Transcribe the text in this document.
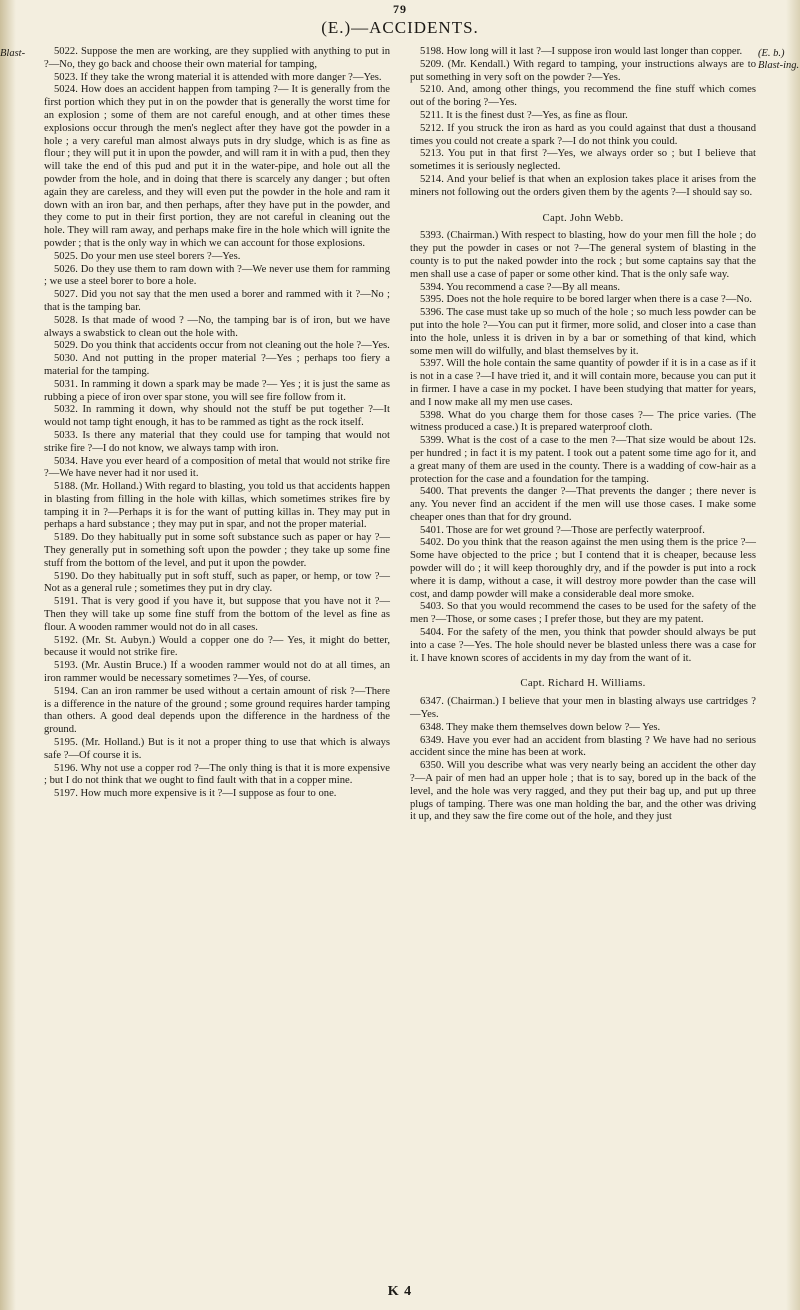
79
(E.)—ACCIDENTS.
Blast-	(E. b.) Blast-ing.

5022. Suppose the men are working, are they supplied with anything to put in ?—No, they go back and choose their own material for tamping,

5023. If they take the wrong material it is attended with more danger ?—Yes.

5024. How does an accident happen from tamping ?— It is generally from the first portion which they put in on the powder that is generally the worst time for an explosion ; some of them are not careful enough, and at other times these explosions occur through the men's neglect after they have got the powder in a hole ; a very careful man almost always puts in dry sludge, which is as fine as flour ; they will put it in upon the powder, and will ram it in with a pud, then they will take the end of this pud and put it in the water-pipe, and hole out all the powder from the hole, and in doing that there is scarcely any danger ; but often again they are careless, and they will even put the powder in the hole and ram it down with an iron bar, and then perhaps, after they have put in the powder, and they come to put in their first portion, they are not careful in cleaning out the hole. They will ram away, and perhaps make fire in the hole which will ignite the powder ; that is the only way in which we can account for those explosions.

5025. Do your men use steel borers ?—Yes.

5026. Do they use them to ram down with ?—We never use them for ramming ; we use a steel borer to bore a hole.

5027. Did you not say that the men used a borer and rammed with it ?—No ; that is the tamping bar.

5028. Is that made of wood ? —No, the tamping bar is of iron, but we have always a swabstick to clean out the hole with.

5029. Do you think that accidents occur from not cleaning out the hole ?—Yes.

5030. And not putting in the proper material ?—Yes ; perhaps too fiery a material for the tamping.

5031. In ramming it down a spark may be made ?— Yes ; it is just the same as rubbing a piece of iron over spar stone, you will see fire follow from it.

5032. In ramming it down, why should not the stuff be put together ?—It would not tamp tight enough, it has to be rammed as tight as the rock itself.

5033. Is there any material that they could use for tamping that would not strike fire ?—I do not know, we always tamp with iron.

5034. Have you ever heard of a composition of metal that would not strike fire ?—We have never had it nor used it.

5188. (Mr. Holland.) With regard to blasting, you told us that accidents happen in blasting from filling in the hole with killas, which sometimes strikes fire by tamping it in ?—Perhaps it is for the want of putting killas in. They may put in perhaps a hard substance ; they may put in spar, and not the proper material.

5189. Do they habitually put in some soft substance such as paper or hay ?—They generally put in something soft upon the powder ; they take up some fine stuff from the bottom of the level, and put it upon the powder.

5190. Do they habitually put in soft stuff, such as paper, or hemp, or tow ?—Not as a general rule ; sometimes they put in dry clay.

5191. That is very good if you have it, but suppose that you have not it ?—Then they will take up some fine stuff from the bottom of the level as fine as flour. A wooden rammer would not do in all cases.

5192. (Mr. St. Aubyn.) Would a copper one do ?— Yes, it might do better, because it would not strike fire.

5193. (Mr. Austin Bruce.) If a wooden rammer would not do at all times, an iron rammer would be necessary sometimes ?—Yes, of course.

5194. Can an iron rammer be used without a certain amount of risk ?—There is a difference in the nature of the ground ; some ground requires harder tamping than others. A good deal depends upon the difference in the hardness of the ground.

5195. (Mr. Holland.) But is it not a proper thing to use that which is always safe ?—Of course it is.

5196. Why not use a copper rod ?—The only thing is that it is more expensive ; but I do not think that we ought to find fault with that in a copper mine.

5197. How much more expensive is it ?—I suppose as four to one.

5198. How long will it last ?—I suppose iron would last longer than copper.

5209. (Mr. Kendall.) With regard to tamping, your instructions always are to put something in very soft on the powder ?—Yes.

5210. And, among other things, you recommend the fine stuff which comes out of the boring ?—Yes.

5211. It is the finest dust ?—Yes, as fine as flour.

5212. If you struck the iron as hard as you could against that dust a thousand times you could not create a spark ?—I do not think you could.

5213. You put in that first ?—Yes, we always order so ; but I believe that sometimes it is seriously neglected.

5214. And your belief is that when an explosion takes place it arises from the miners not following out the orders given them by the agents ?—I should say so.

Capt. John Webb.

5393. (Chairman.) With respect to blasting, how do your men fill the hole ; do they put the powder in cases or not ?—The general system of blasting in the county is to put the naked powder into the rock ; but some captains say that the men shall use a case of paper or some other kind. That is the only safe way.

5394. You recommend a case ?—By all means.

5395. Does not the hole require to be bored larger when there is a case ?—No.

5396. The case must take up so much of the hole ; so much less powder can be put into the hole ?—You can put it firmer, more solid, and closer into a case than into the hole, unless it is driven in by a bar or something of that kind, which some men will do wilfully, and blast themselves by it.

5397. Will the hole contain the same quantity of powder if it is in a case as if it is not in a case ?—I have tried it, and it will contain more, because you can put it in firmer. I have a case in my pocket. I have been studying that matter for years, and I now make all my men use cases.

5398. What do you charge them for those cases ?— The price varies. (The witness produced a case.) It is prepared waterproof cloth.

5399. What is the cost of a case to the men ?—That size would be about 12s. per hundred ; in fact it is my patent. I took out a patent some time ago for it, and a great many of them are used in the county. There is a wadding of cow-hair as a protection for the case and a foundation for the tamping.

5400. That prevents the danger ?—That prevents the danger ; there never is any. You never find an accident if the men will use those cases. I make some cheaper ones than that for dry ground.

5401. Those are for wet ground ?—Those are perfectly waterproof.

5402. Do you think that the reason against the men using them is the price ?—Some have objected to the price ; but I contend that it is cheaper, because less powder will do ; it will keep thoroughly dry, and if the powder is put into a rock where it is damp, without a case, it will destroy more powder than the case will cost, and damp powder will make a considerable deal more smoke.

5403. So that you would recommend the cases to be used for the safety of the men ?—Those, or some cases ; I prefer those, but they are my patent.

5404. For the safety of the men, you think that powder should always be put into a case ?—Yes. The hole should never be blasted unless there was a case for it. I have known scores of accidents in my day from the want of it.

Capt. Richard H. Williams.

6347. (Chairman.) I believe that your men in blasting always use cartridges ?—Yes.

6348. They make them themselves down below ?— Yes.

6349. Have you ever had an accident from blasting ? We have had no serious accident since the mine has been at work.

6350. Will you describe what was very nearly being an accident the other day ?—A pair of men had an upper hole ; that is to say, bored up in the back of the level, and the hole was very ragged, and they put their bag up, and put up three plugs of tamping. There was one man holding the bar, and the other was driving it up, and they saw the fire come out of the hole, and they just

K 4
